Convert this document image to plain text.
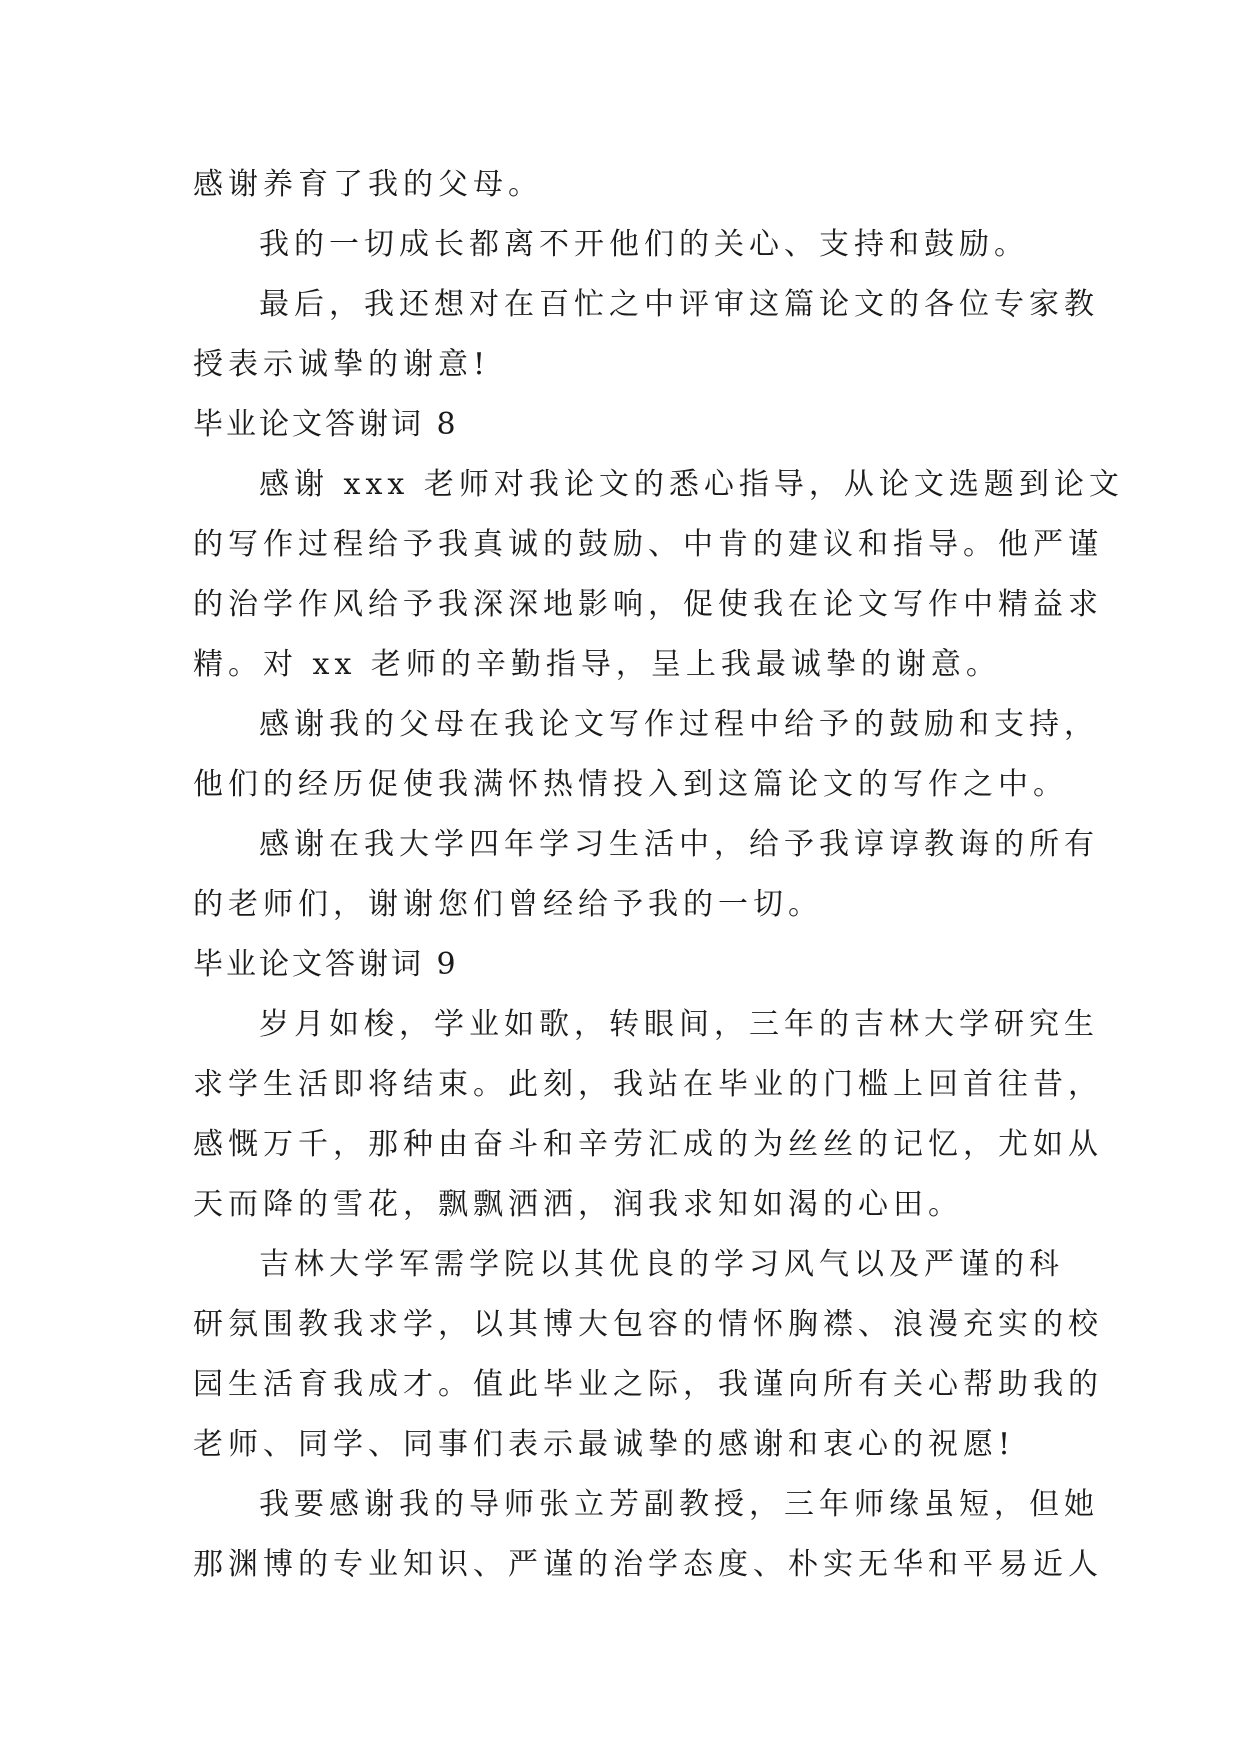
感谢养育了我的父母。
我的一切成长都离不开他们的关心、支持和鼓励。
最后，我还想对在百忙之中评审这篇论文的各位专家教
授表示诚挚的谢意!
毕业论文答谢词 8
感谢 xxx 老师对我论文的悉心指导，从论文选题到论文
的写作过程给予我真诚的鼓励、中肯的建议和指导。他严谨
的治学作风给予我深深地影响，促使我在论文写作中精益求
精。对 xx 老师的辛勤指导，呈上我最诚挚的谢意。
感谢我的父母在我论文写作过程中给予的鼓励和支持，
他们的经历促使我满怀热情投入到这篇论文的写作之中。
感谢在我大学四年学习生活中，给予我谆谆教诲的所有
的老师们，谢谢您们曾经给予我的一切。
毕业论文答谢词 9
岁月如梭，学业如歌，转眼间，三年的吉林大学研究生
求学生活即将结束。此刻，我站在毕业的门槛上回首往昔，
感慨万千，那种由奋斗和辛劳汇成的为丝丝的记忆，尤如从
天而降的雪花，飘飘洒洒，润我求知如渴的心田。
吉林大学军需学院以其优良的学习风气以及严谨的科
研氛围教我求学，以其博大包容的情怀胸襟、浪漫充实的校
园生活育我成才。值此毕业之际，我谨向所有关心帮助我的
老师、同学、同事们表示最诚挚的感谢和衷心的祝愿!
我要感谢我的导师张立芳副教授，三年师缘虽短，但她
那渊博的专业知识、严谨的治学态度、朴实无华和平易近人
